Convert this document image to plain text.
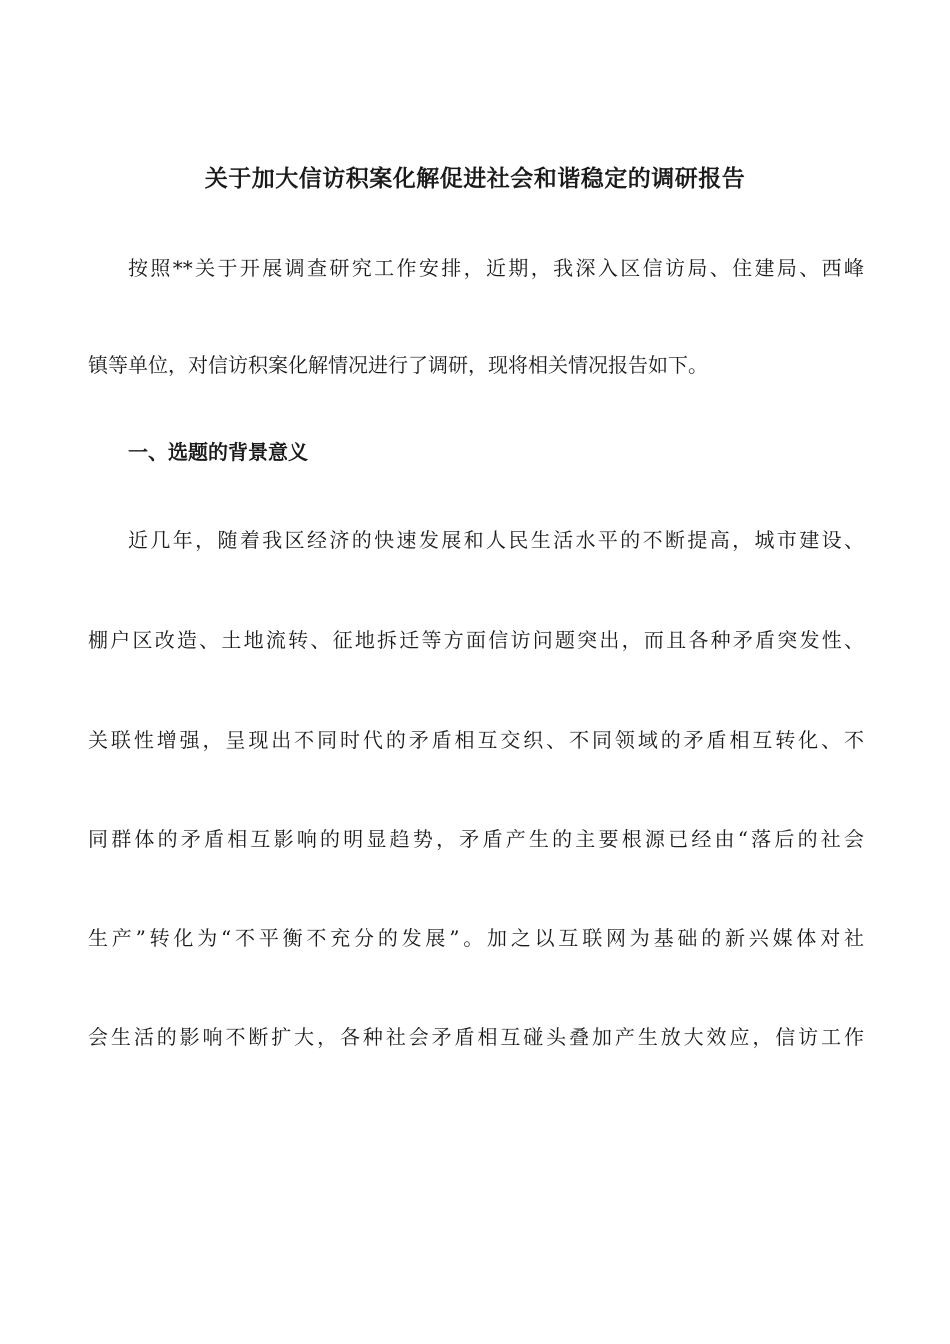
关于加大信访积案化解促进社会和谐稳定的调研报告
按照**关于开展调查研究工作安排，近期，我深入区信访局、住建局、西峰
镇等单位，对信访积案化解情况进行了调研，现将相关情况报告如下。
一、选题的背景意义
近几年，随着我区经济的快速发展和人民生活水平的不断提高，城市建设、
棚户区改造、土地流转、征地拆迁等方面信访问题突出，而且各种矛盾突发性、
关联性增强，呈现出不同时代的矛盾相互交织、不同领域的矛盾相互转化、不
同群体的矛盾相互影响的明显趋势，矛盾产生的主要根源已经由“落后的社会
生产”转化为“不平衡不充分的发展”。加之以互联网为基础的新兴媒体对社
会生活的影响不断扩大，各种社会矛盾相互碰头叠加产生放大效应，信访工作
